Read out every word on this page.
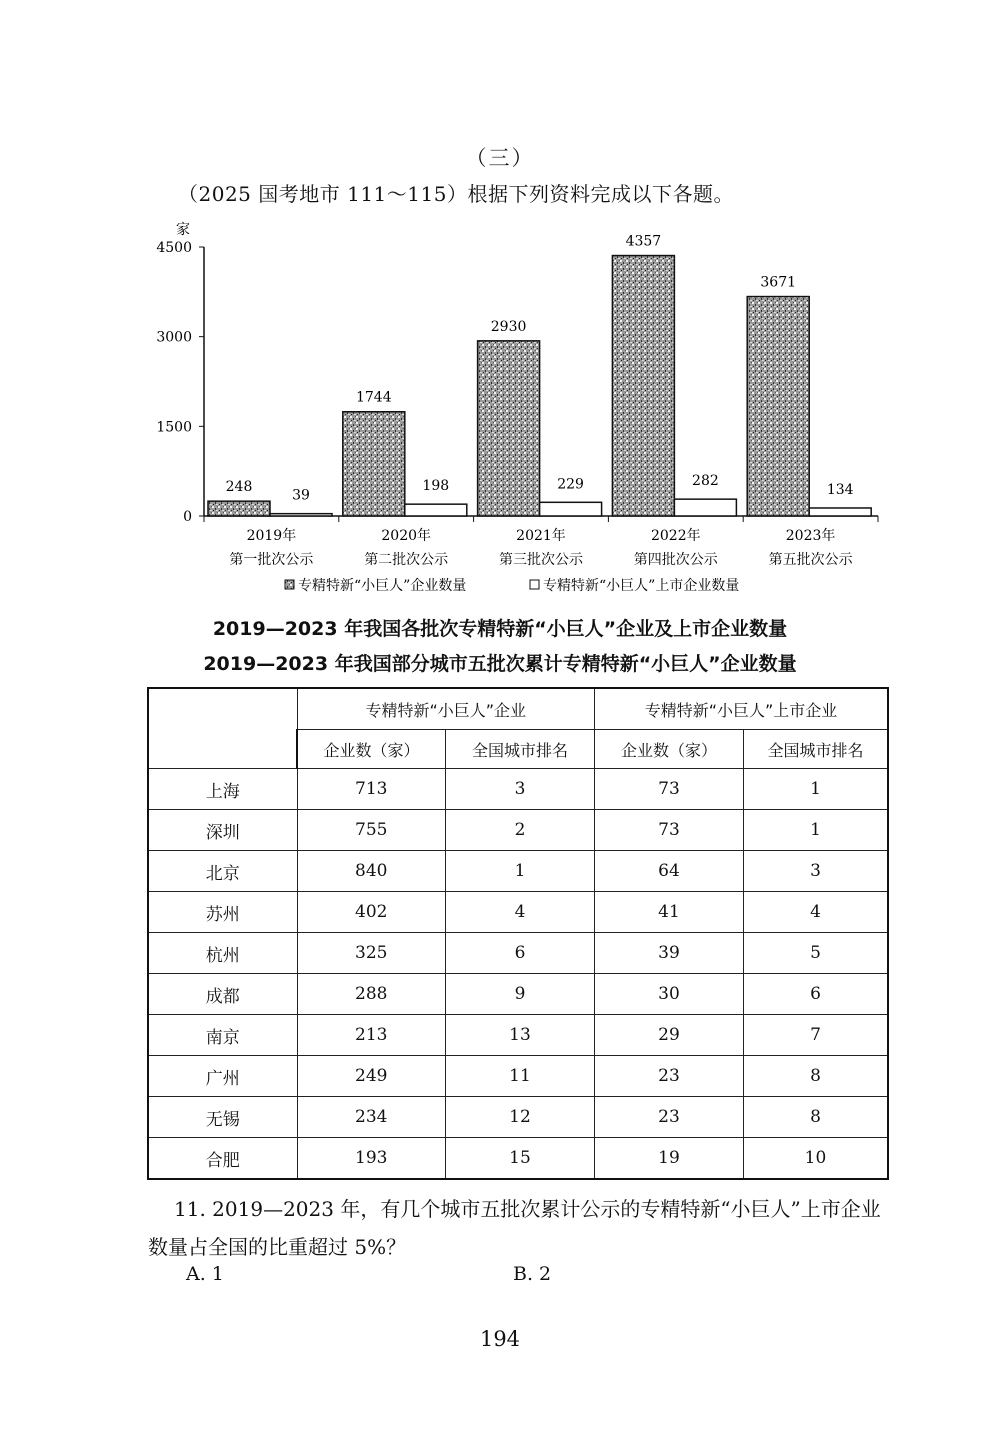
（三）
（2025 国考地市 111～115）根据下列资料完成以下各题。
家
0
1500
3000
4500
248
39
2019年
第一批次公示
1744
198
2020年
第二批次公示
2930
229
2021年
第三批次公示
4357
282
2022年
第四批次公示
3671
134
2023年
第五批次公示
专精特新“小巨人”企业数量	专精特新“小巨人”上市企业数量
2019—2023 年我国各批次专精特新“小巨人”企业及上市企业数量
2019—2023 年我国部分城市五批次累计专精特新“小巨人”企业数量
	专精特新“小巨人”企业		专精特新“小巨人”上市企业	
	企业数（家）	全国城市排名	企业数（家）	全国城市排名
上海	713	3	73	1
深圳	755	2	73	1
北京	840	1	64	3
苏州	402	4	41	4
杭州	325	6	39	5
成都	288	9	30	6
南京	213	13	29	7
广州	249	11	23	8
无锡	234	12	23	8
合肥	193	15	19	10
11. 2019—2023 年，有几个城市五批次累计公示的专精特新“小巨人”上市企业数量占全国的比重超过 5%？
A. 1	B. 2
194
